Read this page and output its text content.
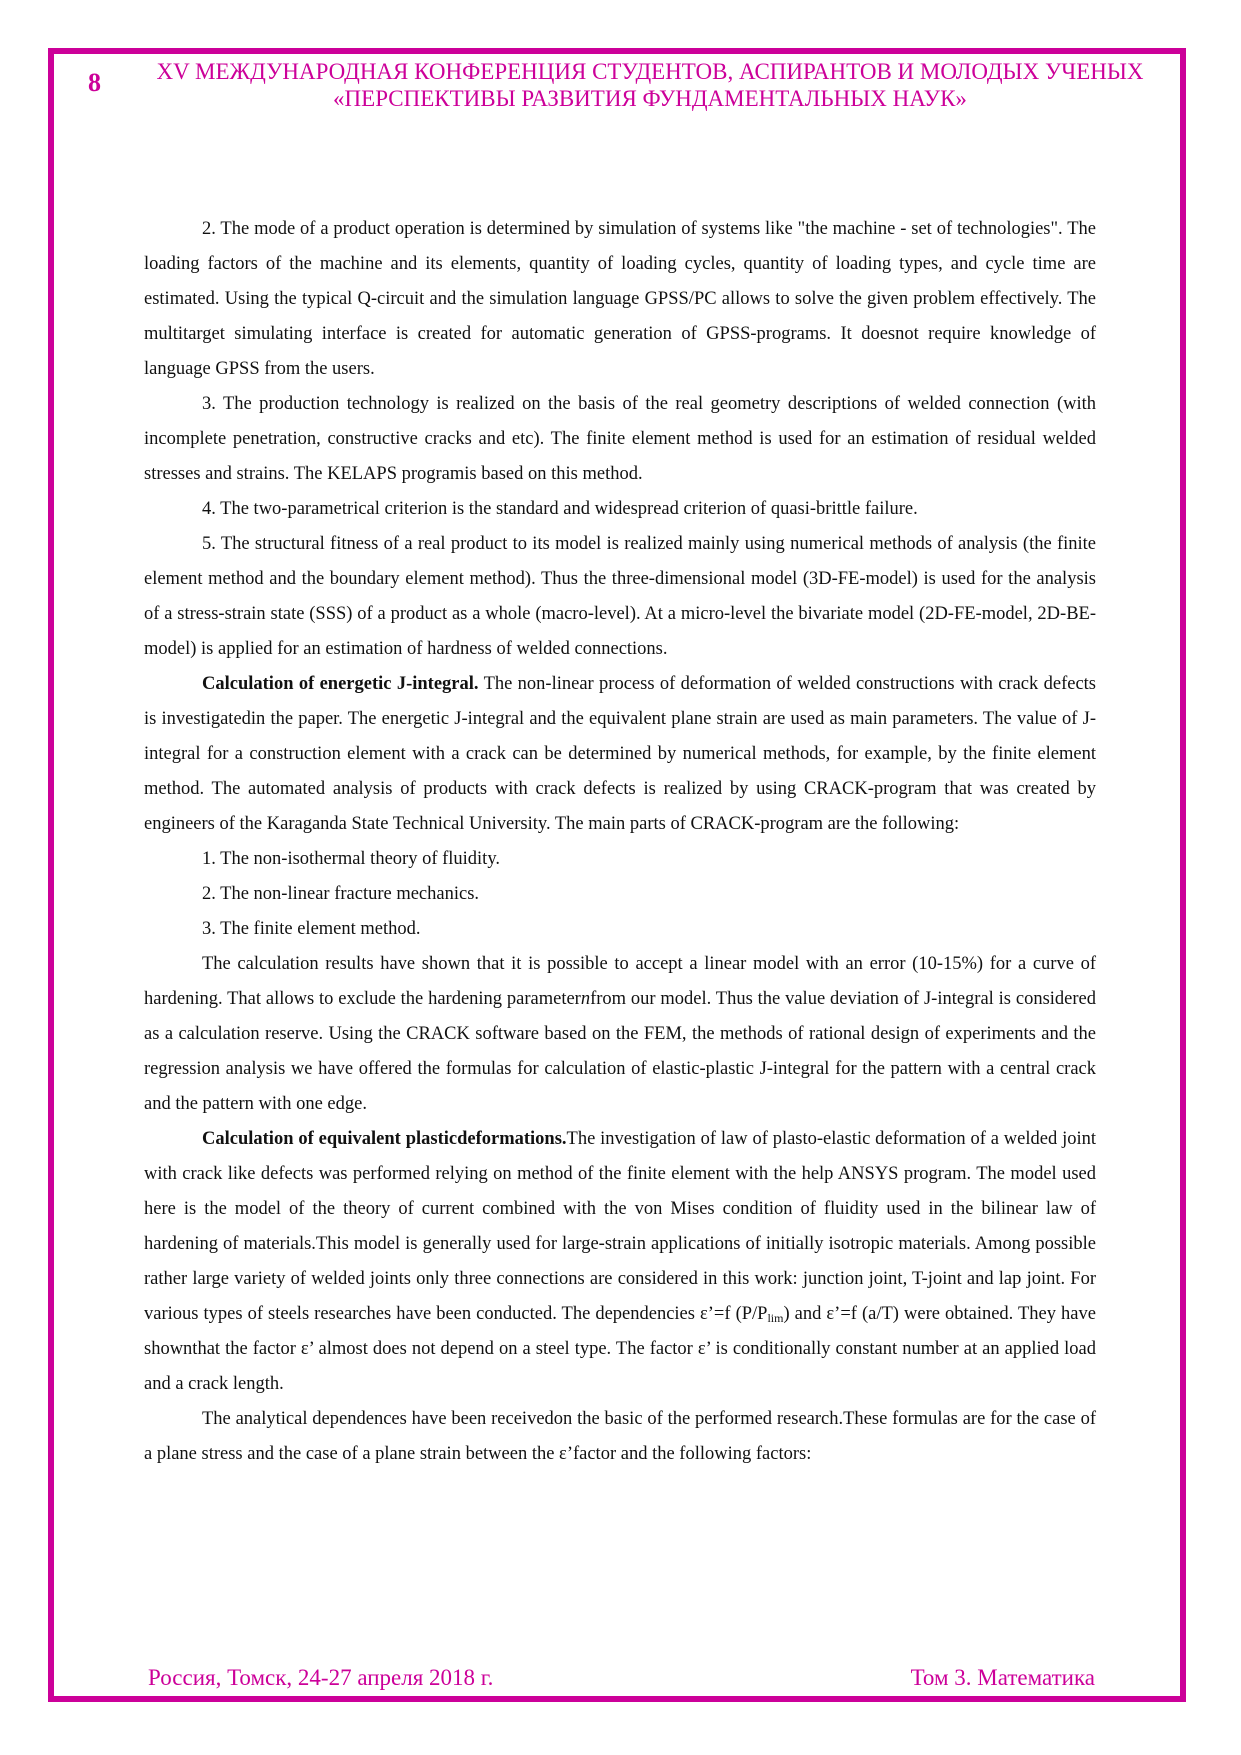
8 XV МЕЖДУНАРОДНАЯ КОНФЕРЕНЦИЯ СТУДЕНТОВ, АСПИРАНТОВ И МОЛОДЫХ УЧЕНЫХ
«ПЕРСПЕКТИВЫ РАЗВИТИЯ ФУНДАМЕНТАЛЬНЫХ НАУК»

2. The mode of a product operation is determined by simulation of systems like "the machine - set of technologies". The loading factors of the machine and its elements, quantity of loading cycles, quantity of loading types, and cycle time are estimated. Using the typical Q-circuit and the simulation language GPSS/PC allows to solve the given problem effectively. The multitarget simulating interface is created for automatic generation of GPSS-programs. It doesnot require knowledge of language GPSS from the users.

3. The production technology is realized on the basis of the real geometry descriptions of welded connection (with incomplete penetration, constructive cracks and etc). The finite element method is used for an estimation of residual welded stresses and strains. The KELAPS programis based on this method.

4. The two-parametrical criterion is the standard and widespread criterion of quasi-brittle failure.

5. The structural fitness of a real product to its model is realized mainly using numerical methods of analysis (the finite element method and the boundary element method). Thus the three-dimensional model (3D-FE-model) is used for the analysis of a stress-strain state (SSS) of a product as a whole (macro-level). At a micro-level the bivariate model (2D-FE-model, 2D-BE-model) is applied for an estimation of hardness of welded connections.

Calculation of energetic J-integral. The non-linear process of deformation of welded constructions with crack defects is investigatedin the paper. The energetic J-integral and the equivalent plane strain are used as main parameters. The value of J-integral for a construction element with a crack can be determined by numerical methods, for example, by the finite element method. The automated analysis of products with crack defects is realized by using CRACK-program that was created by engineers of the Karaganda State Technical University. The main parts of CRACK-program are the following:

1. The non-isothermal theory of fluidity.

2. The non-linear fracture mechanics.

3. The finite element method.

The calculation results have shown that it is possible to accept a linear model with an error (10-15%) for a curve of hardening. That allows to exclude the hardening parameternfrom our model. Thus the value deviation of J-integral is considered as a calculation reserve. Using the CRACK software based on the FEM, the methods of rational design of experiments and the regression analysis we have offered the formulas for calculation of elastic-plastic J-integral for the pattern with a central crack and the pattern with one edge.

Calculation of equivalent plasticdeformations.The investigation of law of plasto-elastic deformation of a welded joint with crack like defects was performed relying on method of the finite element with the help ANSYS program. The model used here is the model of the theory of current combined with the von Mises condition of fluidity used in the bilinear law of hardening of materials.This model is generally used for large-strain applications of initially isotropic materials. Among possible rather large variety of welded joints only three connections are considered in this work: junction joint, T-joint and lap joint. For various types of steels researches have been conducted. The dependencies ε’=f $(P/P_{lim})$ and ε’=f (a/T) were obtained. They have shownthat the factor ε’ almost does not depend on a steel type. The factor ε’ is conditionally constant number at an applied load and a crack length.

The analytical dependences have been receivedon the basic of the performed research.These formulas are for the case of a plane stress and the case of a plane strain between the ε’factor and the following factors:

Россия, Томск, 24-27 апреля 2018 г.	Том 3. Математика
